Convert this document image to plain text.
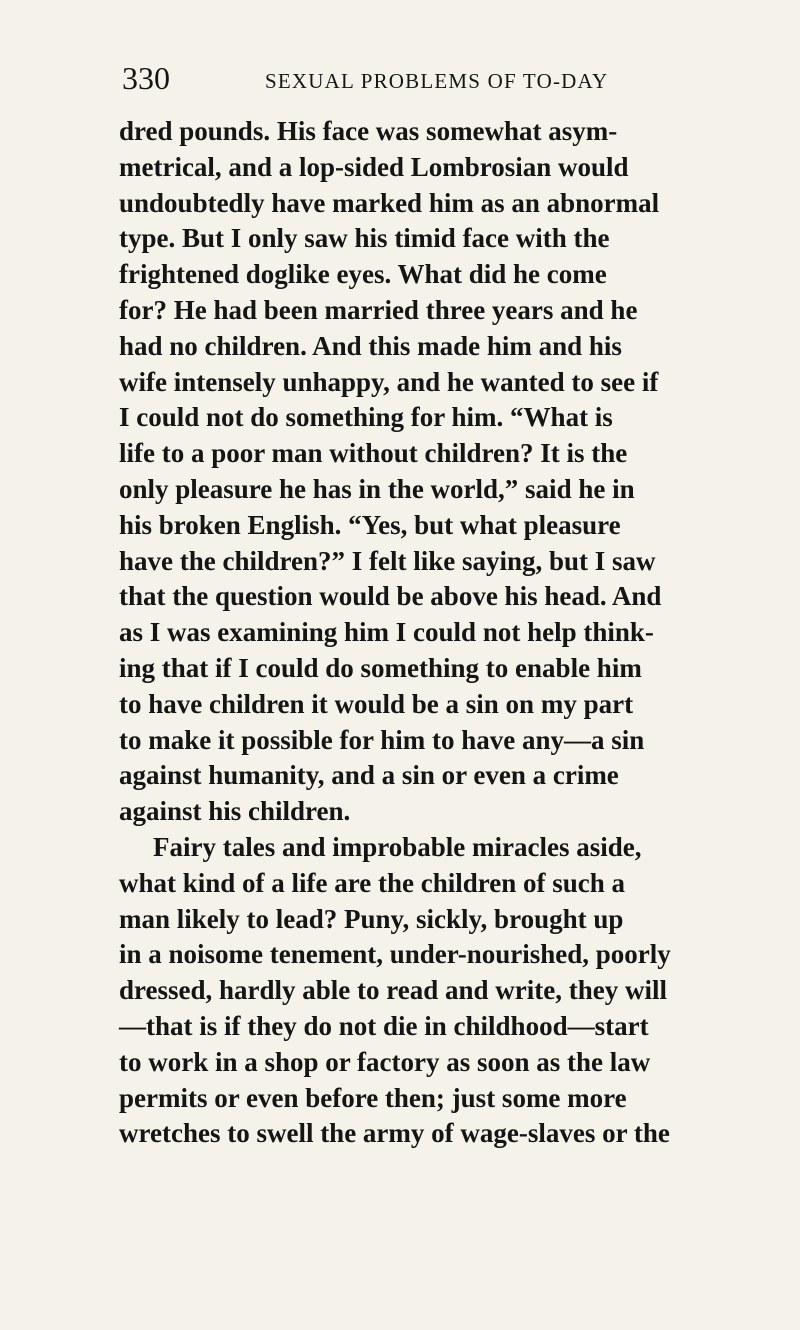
330	SEXUAL PROBLEMS OF TO-DAY
dred pounds. His face was somewhat asym-
metrical, and a lop-sided Lombrosian would
undoubtedly have marked him as an abnormal
type. But I only saw his timid face with the
frightened doglike eyes. What did he come
for? He had been married three years and he
had no children. And this made him and his
wife intensely unhappy, and he wanted to see if
I could not do something for him. “What is
life to a poor man without children? It is the
only pleasure he has in the world,” said he in
his broken English. “Yes, but what pleasure
have the children?” I felt like saying, but I saw
that the question would be above his head. And
as I was examining him I could not help think-
ing that if I could do something to enable him
to have children it would be a sin on my part
to make it possible for him to have any—a sin
against humanity, and a sin or even a crime
against his children.
Fairy tales and improbable miracles aside,
what kind of a life are the children of such a
man likely to lead? Puny, sickly, brought up
in a noisome tenement, under-nourished, poorly
dressed, hardly able to read and write, they will
—that is if they do not die in childhood—start
to work in a shop or factory as soon as the law
permits or even before then; just some more
wretches to swell the army of wage-slaves or the
